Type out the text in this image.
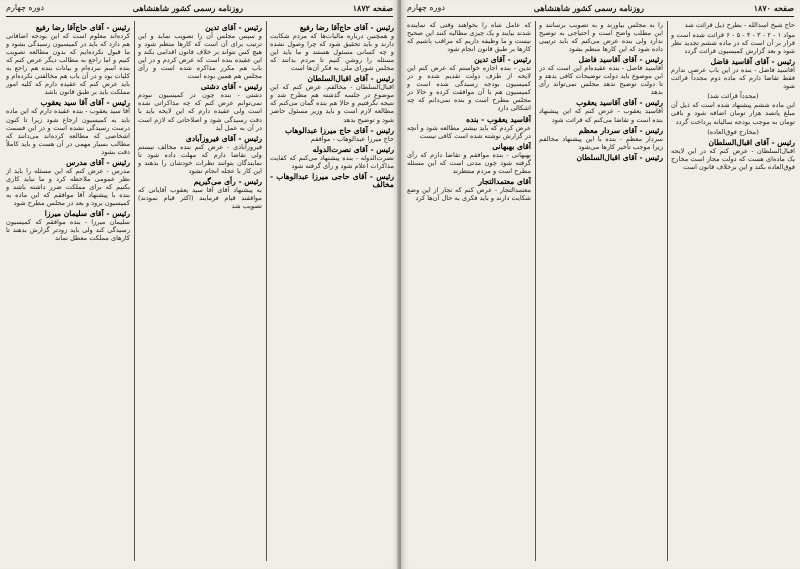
صفحه ۱۸۷۲
روزنامه رسمی کشور شاهنشاهی
دوره چهارم
رئیس - آقای حاج‌آقا رضا رفیع

کرده‌اند معلوم است که این بودجه اضافاتی هم دارد که باید در کمیسیون رسیدگی بشود و ما قبول نکرده‌ایم که بدون مطالعه تصویب کنیم و اما راجع به مطالب دیگر عرض کنم که بنده اسم نبرده‌ام و بیانات بنده هم راجع به کلیات بود و در آن باب هم مخالفتی نکرده‌ام و باید عرض کنم که عقیده دارم که کلیه امور مملکت باید بر طبق قانون باشد

رئیس - آقای آقا سید یعقوب

آقا سید یعقوب - بنده عقیده دارم که این ماده باید به کمیسیون ارجاع شود زیرا تا کنون درست رسیدگی نشده است و در این قسمت اشخاصی که مطالعه کرده‌اند می‌دانند که مطالب بسیار مهمی در آن هست و باید کاملاً دقت بشود

رئیس - آقای مدرس

مدرس - عرض کنم که این مسئله را باید از نظر عمومی ملاحظه کرد و ما نباید کاری بکنیم که برای مملکت ضرر داشته باشد و بنده با پیشنهاد آقا موافقم که این ماده به کمیسیون برود و بعد در مجلس مطرح شود

رئیس - آقای سلیمان میرزا

سلیمان میرزا - بنده موافقم که کمیسیون رسیدگی کند ولی باید زودتر گزارش بدهند تا کارهای مملکت معطل نماند

رئیس - آقای تدین

و سپس مجلس آن را تصویب نماید و این ترتیب برای آن است که کارها منظم شود و هیچ کس نتواند بر خلاف قانون اقدامی بکند و این عقیده بنده است که عرض کردم و در این باب هم مکرر مذاکره شده است و رأی مجلس هم همین بوده است

رئیس - آقای دشتی

دشتی - بنده چون در کمیسیون نبودم نمی‌توانم عرض کنم که چه مذاکراتی شده است ولی عقیده دارم که این لایحه باید با دقت رسیدگی شود و اصلاحاتی که لازم است در آن به عمل آید

رئیس - آقای فیروزآبادی

فیروزآبادی - عرض کنم بنده مخالف نیستم ولی تقاضا دارم که مهلت داده شود تا نمایندگان بتوانند نظرات خودشان را بدهند و این کار با عجله انجام نشود

رئیس - رأی می‌گیریم

به پیشنهاد آقای آقا سید یعقوب آقایانی که موافقند قیام فرمایند (اکثر قیام نمودند) تصویب شد

رئیس - آقای حاج‌آقا رضا رفیع

و همچنین درباره مالیات‌ها که مردم شکایت دارند و باید تحقیق شود که چرا وصول نشده و چه کسانی مسئول هستند و ما باید این مسئله را روشن کنیم تا مردم بدانند که مجلس شورای ملی به فکر آن‌ها است

رئیس - آقای اقبال‌السلطان

اقبال‌السلطان - مخالفم. عرض کنم که این موضوع در جلسه گذشته هم مطرح شد و نتیجه نگرفتیم و حالا هم بنده گمان می‌کنم که مطالعه لازم است و باید وزیر مسئول حاضر شود و توضیح بدهد

رئیس - آقای حاج میرزا عبدالوهاب

حاج میرزا عبدالوهاب - موافقم

رئیس - آقای نصرت‌الدوله

نصرت‌الدوله - بنده پیشنهاد می‌کنم که کفایت مذاکرات اعلام شود و رأی گرفته شود

رئیس - آقای حاجی میرزا عبدالوهاب - مخالف
صفحه ۱۸۷۰
روزنامه رسمی کشور شاهنشاهی
دوره چهارم

که عامل شاه را بخواهند وقتی که نماینده شدند بیایند و یک چیزی مطالبه کنند این صحیح نیست و ما وظیفه داریم که مراقب باشیم که کارها بر طبق قانون انجام شود

رئیس - آقای تدین

تدین - بنده اجازه خواستم که عرض کنم این لایحه از طرف دولت تقدیم شده و در کمیسیون بودجه رسیدگی شده است و کمیسیون هم با آن موافقت کرده و حالا در مجلس مطرح است و بنده نمی‌دانم که چه اشکالی دارد

آقاسید یعقوب - بنده

عرض کردم که باید بیشتر مطالعه شود و آنچه در گزارش نوشته شده است کافی نیست

آقای بهبهانی

بهبهانی - بنده موافقم و تقاضا دارم که رأی گرفته شود چون مدتی است که این مسئله مطرح است و مردم منتظرند

آقای معتمدالتجار

معتمدالتجار - عرض کنم که تجار از این وضع شکایت دارند و باید فکری به حال آن‌ها کرد

را به مجلس بیاورند و به تصویب برسانند و این مطلب واضح است و احتیاجی به توضیح ندارد ولی بنده عرض می‌کنم که باید ترتیبی داده شود که این کارها منظم بشود

رئیس - آقای آقاسید فاضل

آقاسید فاضل - بنده عقیده‌ام این است که در این موضوع باید دولت توضیحات کافی بدهد و تا دولت توضیح ندهد مجلس نمی‌تواند رأی بدهد

رئیس - آقای آقاسید یعقوب

آقاسید یعقوب - عرض کنم که این پیشنهاد بنده است و تقاضا می‌کنم که قرائت شود

رئیس - آقای سردار معظم

سردار معظم - بنده با این پیشنهاد مخالفم زیرا موجب تأخیر کارها می‌شود

رئیس - آقای اقبال‌السلطان

حاج شیخ اسدالله - بطرح ذیل قرائت شد

مواد ۱ - ۲ - ۳ - ۴ - ۵ - ۶ قرائت شده است و قرار بر آن است که در ماده ششم تجدید نظر شود و بعد گزارش کمیسیون قرائت گردد

رئیس - آقای آقاسید فاضل

آقاسید فاضل - بنده در این باب عرضی ندارم فقط تقاضا دارم که ماده دوم مجدداً قرائت شود

(مجدداً قرائت شد)

این ماده ششم پیشنهاد شده است که ذیل آن مبلغ پانصد هزار تومان اضافه شود و باقی تومان به موجب بودجه سالیانه پرداخت گردد

(مخارج فوق‌العاده)
رئیس - آقای اقبال‌السلطان

اقبال‌السلطان - عرض کنم که در این لایحه یک ماده‌ای هست که دولت مجاز است مخارج فوق‌العاده بکند و این برخلاف قانون است
